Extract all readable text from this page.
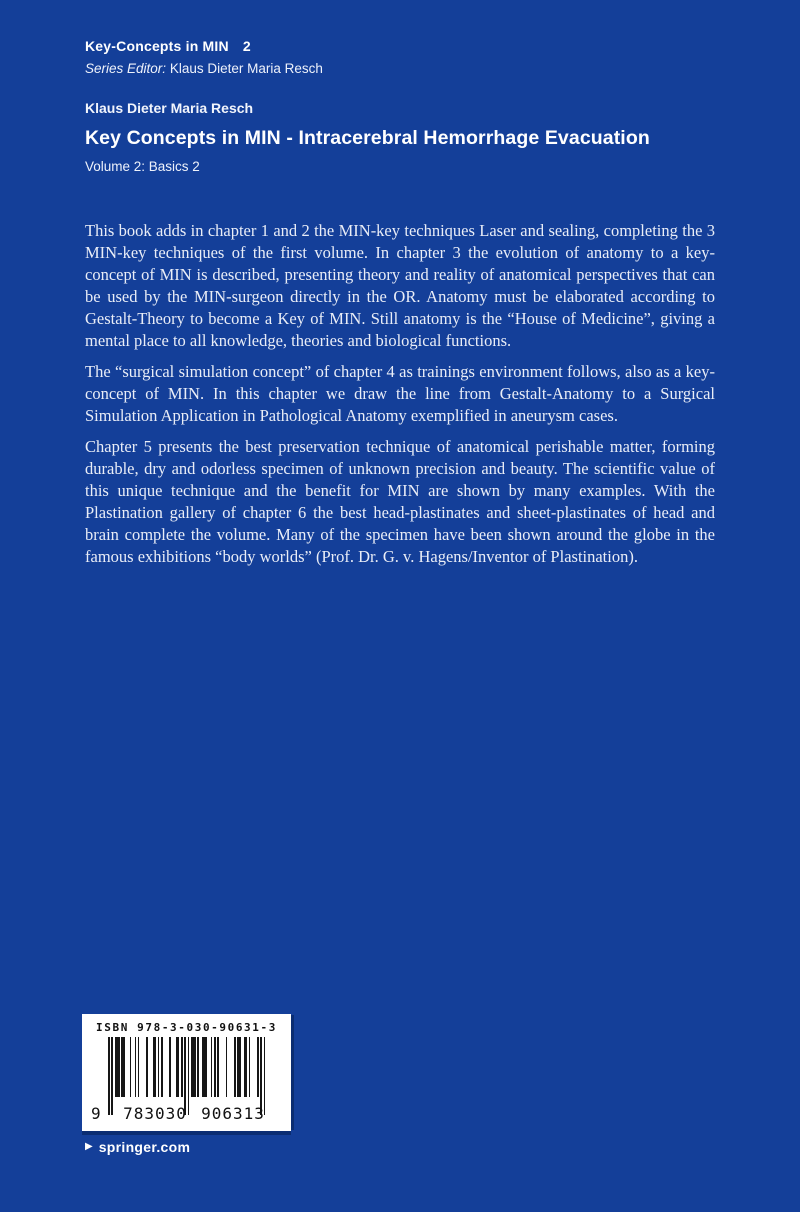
Key-Concepts in MIN 2
Series Editor: Klaus Dieter Maria Resch
Klaus Dieter Maria Resch
Key Concepts in MIN - Intracerebral Hemorrhage Evacuation
Volume 2: Basics 2

This book adds in chapter 1 and 2 the MIN-key techniques Laser and sealing, completing the 3 MIN-key techniques of the first volume. In chapter 3 the evolution of anatomy to a key-concept of MIN is described, presenting theory and reality of anatomical perspectives that can be used by the MIN-surgeon directly in the OR. Anatomy must be elaborated according to Gestalt-Theory to become a Key of MIN. Still anatomy is the “House of Medicine”, giving a mental place to all knowledge, theories and biological functions.

The “surgical simulation concept” of chapter 4 as trainings environment follows, also as a key-concept of MIN. In this chapter we draw the line from Gestalt-Anatomy to a Surgical Simulation Application in Pathological Anatomy exemplified in aneurysm cases.

Chapter 5 presents the best preservation technique of anatomical perishable matter, forming durable, dry and odorless specimen of unknown precision and beauty. The scientific value of this unique technique and the benefit for MIN are shown by many examples. With the Plastination gallery of chapter 6 the best head-plastinates and sheet-plastinates of head and brain complete the volume. Many of the specimen have been shown around the globe in the famous exhibitions “body worlds” (Prof. Dr. G. v. Hagens/Inventor of Plastination).

ISBN 978-3-030-90631-3
9	783030 906313
▶ springer.com
